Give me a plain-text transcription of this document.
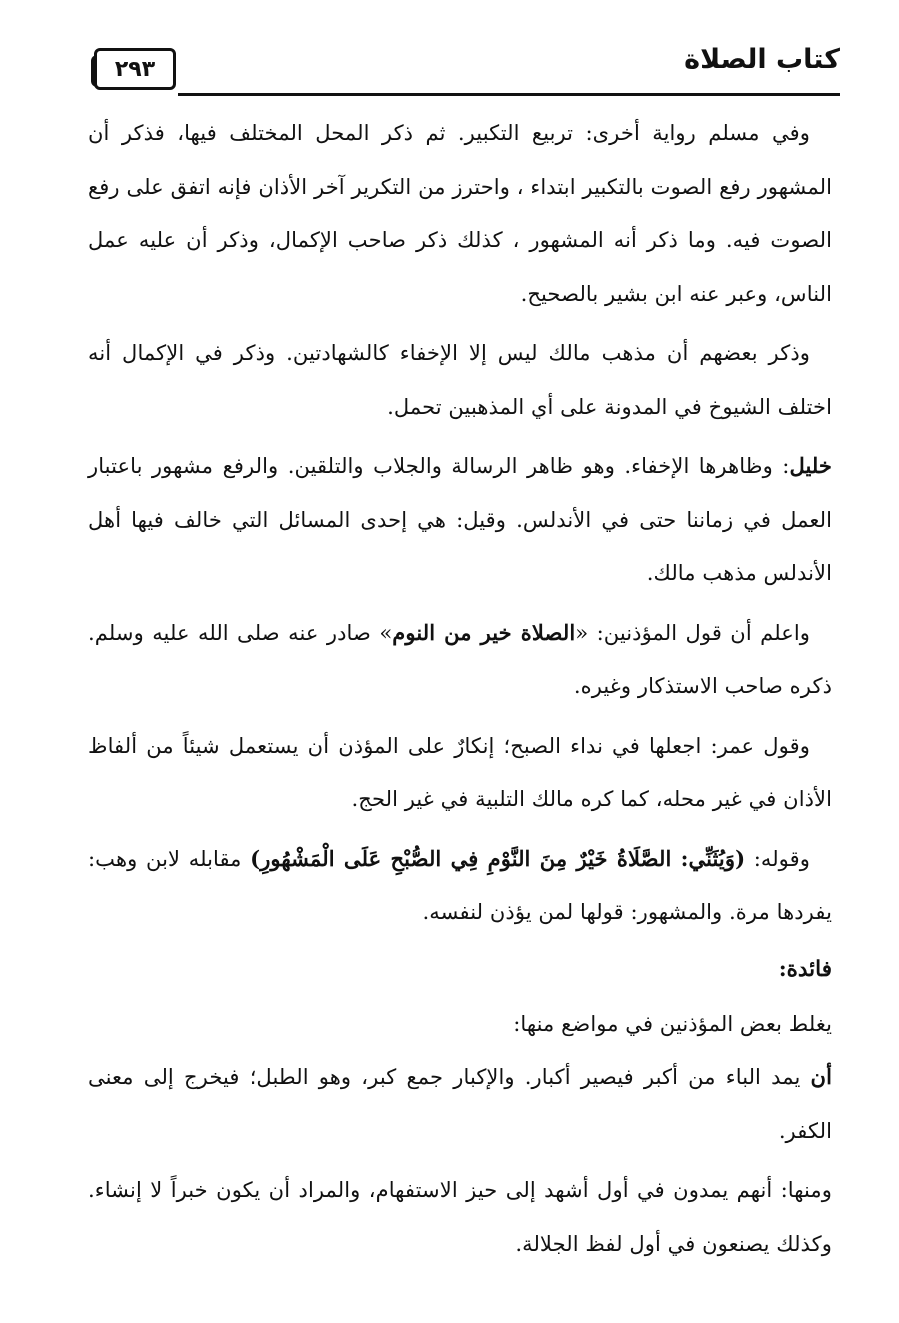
٢٩٣	كتاب الصلاة

وفي مسلم رواية أخرى: تربيع التكبير. ثم ذكر المحل المختلف فيها، فذكر أن المشهور رفع الصوت بالتكبير ابتداء ، واحترز من التكرير آخر الأذان فإنه اتفق على رفع الصوت فيه. وما ذكر أنه المشهور ، كذلك ذكر صاحب الإكمال، وذكر أن عليه عمل الناس، وعبر عنه ابن بشير بالصحيح.

وذكر بعضهم أن مذهب مالك ليس إلا الإخفاء كالشهادتين. وذكر في الإكمال أنه اختلف الشيوخ في المدونة على أي المذهبين تحمل.

خليل: وظاهرها الإخفاء. وهو ظاهر الرسالة والجلاب والتلقين. والرفع مشهور باعتبار العمل في زماننا حتى في الأندلس. وقيل: هي إحدى المسائل التي خالف فيها أهل الأندلس مذهب مالك.

واعلم أن قول المؤذنين: «الصلاة خير من النوم» صادر عنه صلى الله عليه وسلم. ذكره صاحب الاستذكار وغيره.

وقول عمر: اجعلها في نداء الصبح؛ إنكارٌ على المؤذن أن يستعمل شيئاً من ألفاظ الأذان في غير محله، كما كره مالك التلبية في غير الحج.

وقوله: (وَيُثَنِّي: الصَّلَاةُ خَيْرٌ مِنَ النَّوْمِ فِي الصُّبْحِ عَلَى الْمَشْهُورِ) مقابله لابن وهب: يفردها مرة. والمشهور: قولها لمن يؤذن لنفسه.

فائدة:

يغلط بعض المؤذنين في مواضع منها:

أن يمد الباء من أكبر فيصير أكبار. والإكبار جمع كبر، وهو الطبل؛ فيخرج إلى معنى الكفر.

ومنها: أنهم يمدون في أول أشهد إلى حيز الاستفهام، والمراد أن يكون خبراً لا إنشاء. وكذلك يصنعون في أول لفظ الجلالة.
